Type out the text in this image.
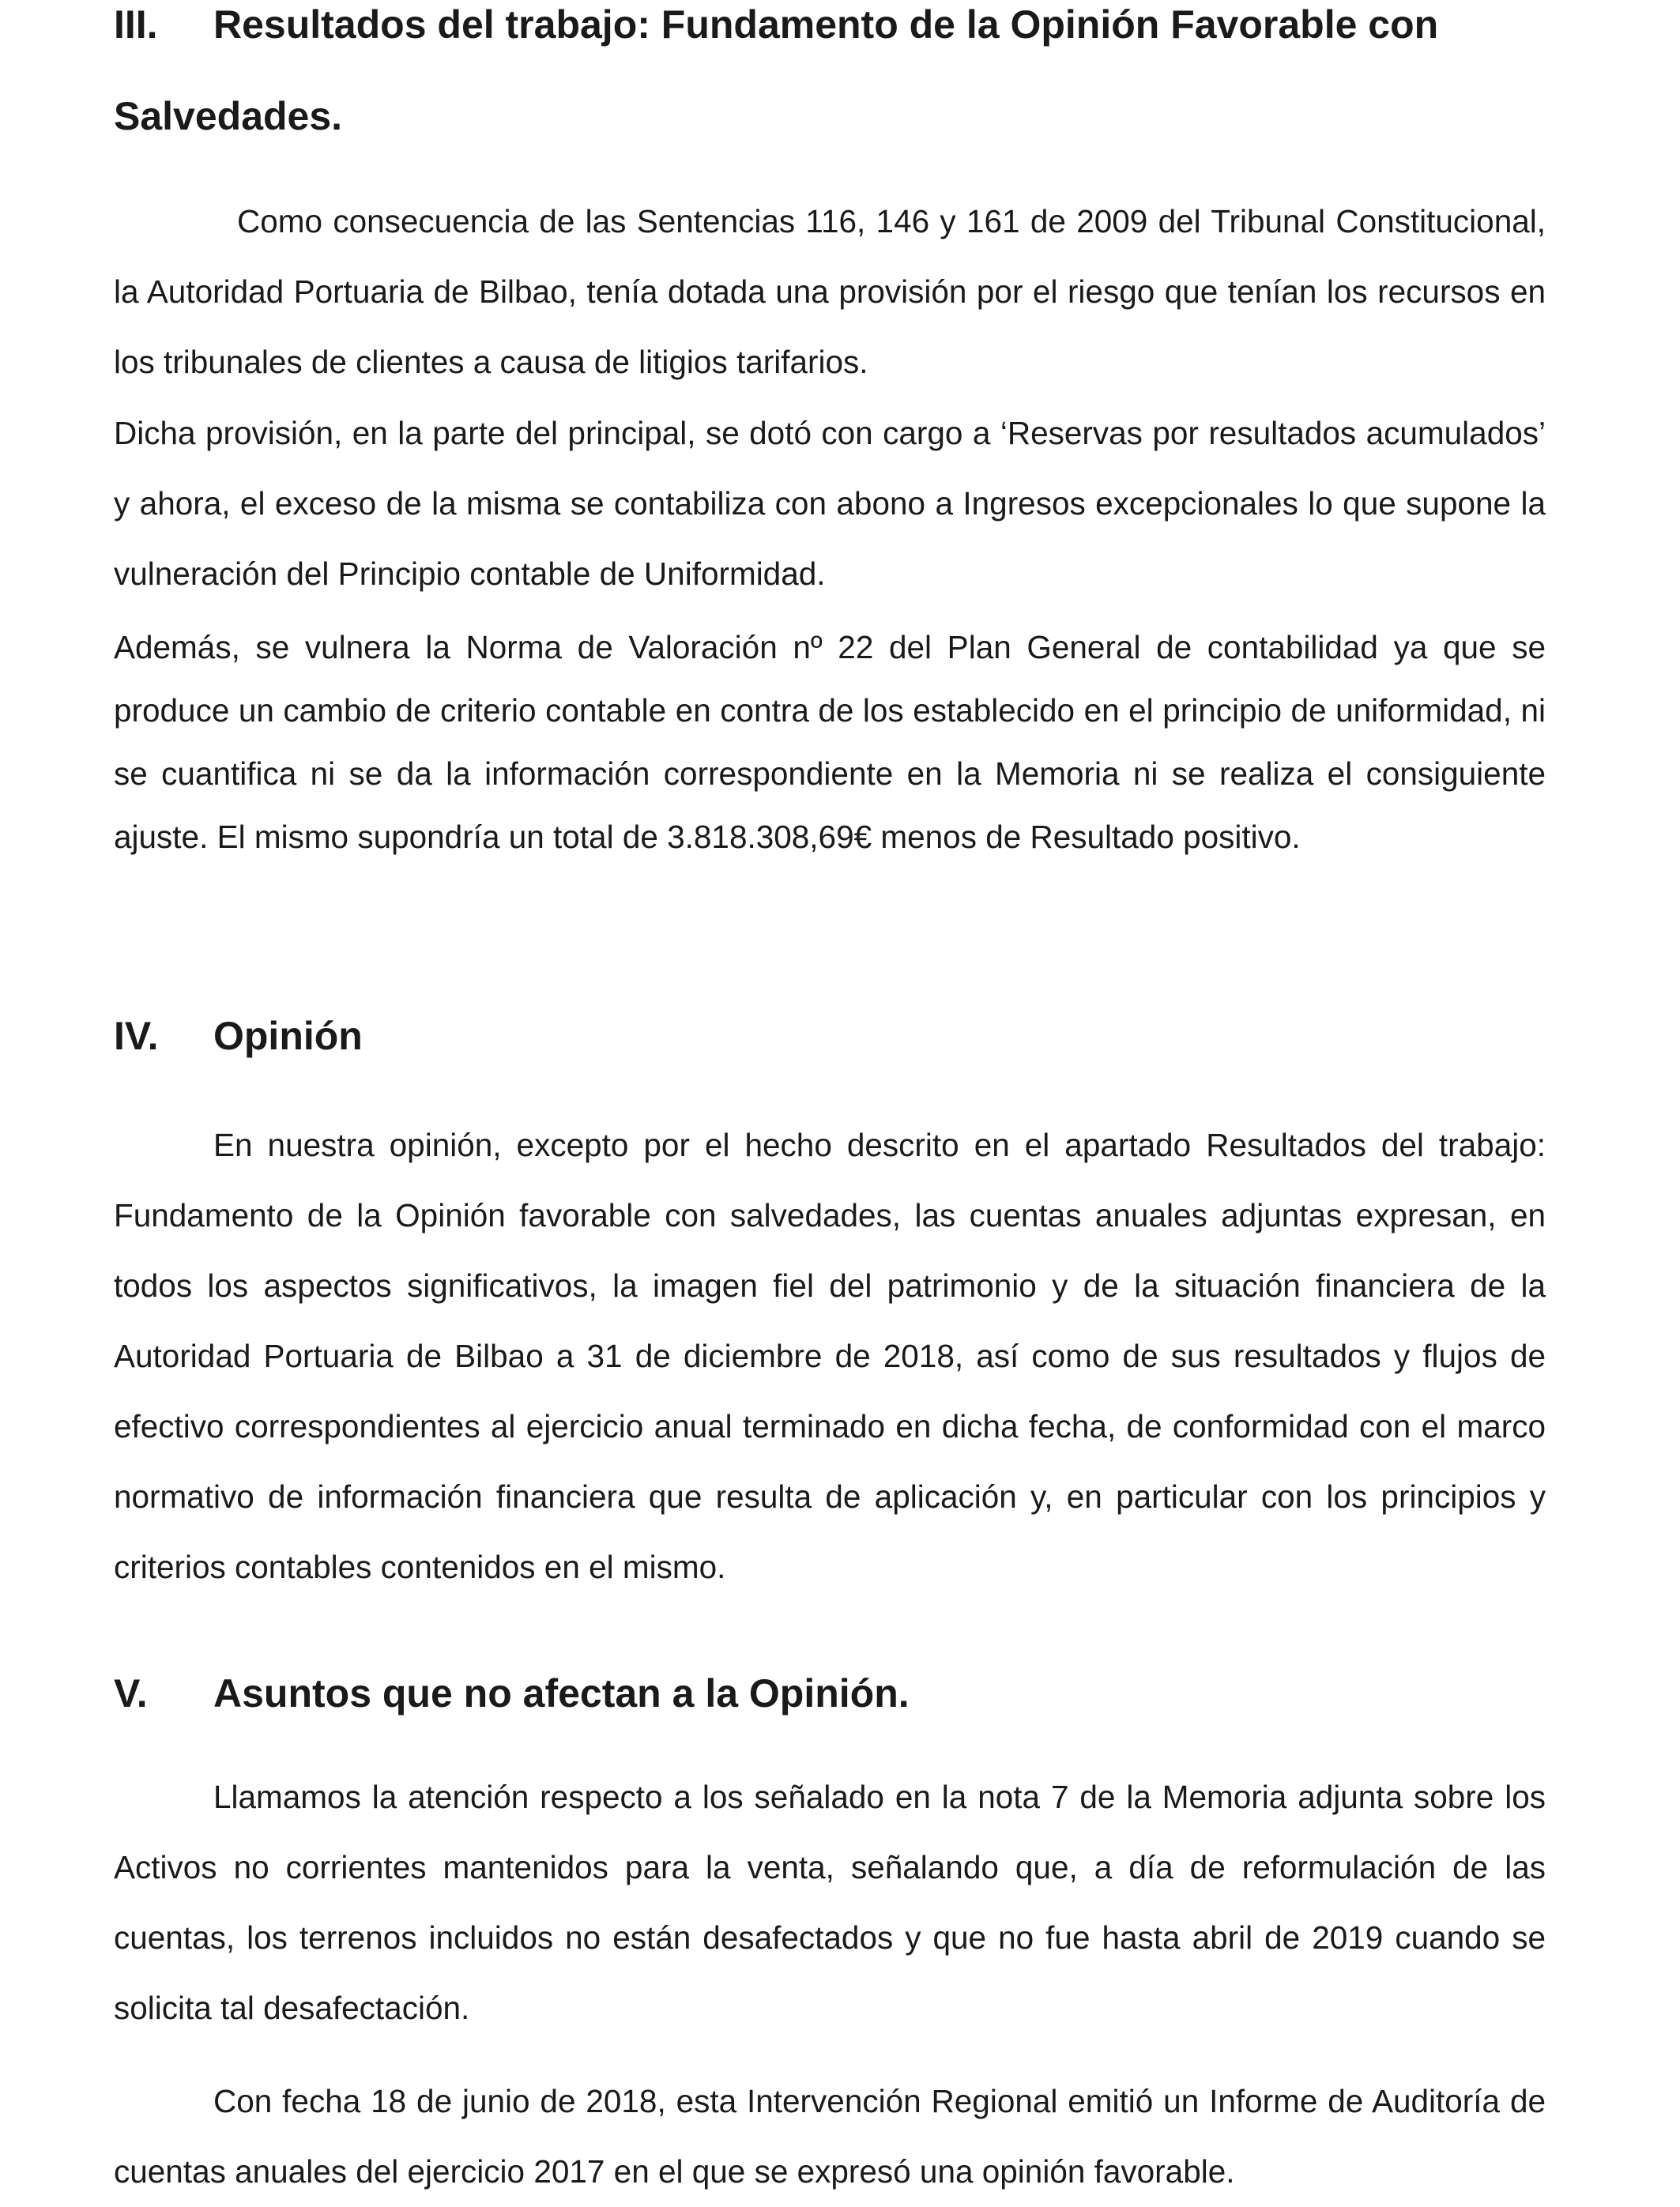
III. Resultados del trabajo: Fundamento de la Opinión Favorable con
Salvedades.
Como consecuencia de las Sentencias 116, 146 y 161 de 2009 del Tribunal Constitucional, la Autoridad Portuaria de Bilbao, tenía dotada una provisión por el riesgo que tenían los recursos en los tribunales de clientes a causa de litigios tarifarios.
Dicha provisión, en la parte del principal, se dotó con cargo a ‘Reservas por resultados acumulados’ y ahora, el exceso de la misma se contabiliza con abono a Ingresos excepcionales lo que supone la vulneración del Principio contable de Uniformidad.
Además, se vulnera la Norma de Valoración nº 22 del Plan General de contabilidad ya que se produce un cambio de criterio contable en contra de los establecido en el principio de uniformidad, ni se cuantifica ni se da la información correspondiente en la Memoria ni se realiza el consiguiente ajuste. El mismo supondría un total de 3.818.308,69€ menos de Resultado positivo.
IV. Opinión
En nuestra opinión, excepto por el hecho descrito en el apartado Resultados del trabajo: Fundamento de la Opinión favorable con salvedades, las cuentas anuales adjuntas expresan, en todos los aspectos significativos, la imagen fiel del patrimonio y de la situación financiera de la Autoridad Portuaria de Bilbao a 31 de diciembre de 2018, así como de sus resultados y flujos de efectivo correspondientes al ejercicio anual terminado en dicha fecha, de conformidad con el marco normativo de información financiera que resulta de aplicación y, en particular con los principios y criterios contables contenidos en el mismo.
V. Asuntos que no afectan a la Opinión.
Llamamos la atención respecto a los señalado en la nota 7 de la Memoria adjunta sobre los Activos no corrientes mantenidos para la venta, señalando que, a día de reformulación de las cuentas, los terrenos incluidos no están desafectados y que no fue hasta abril de 2019 cuando se solicita tal desafectación.
Con fecha 18 de junio de 2018, esta Intervención Regional emitió un Informe de Auditoría de cuentas anuales del ejercicio 2017 en el que se expresó una opinión favorable.
